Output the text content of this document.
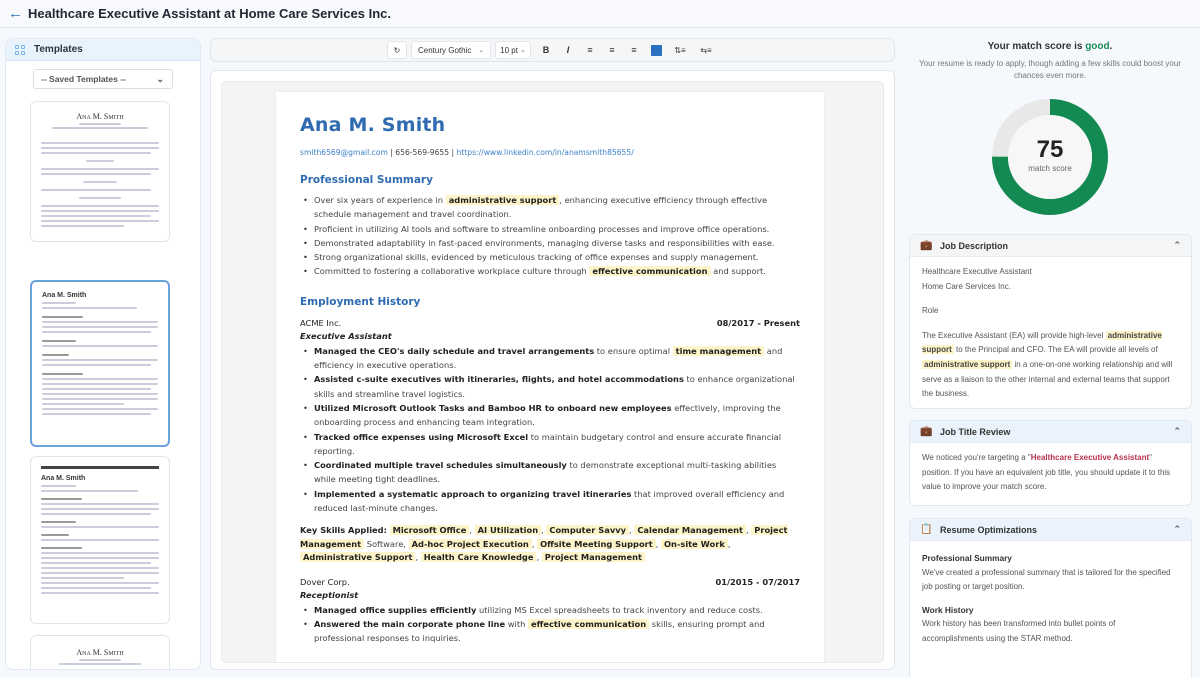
← Healthcare Executive Assistant at Home Care Services Inc.
Templates
-- Saved Templates --	⌄
Ana M. Smith

Ana M. Smith
Ana M. Smith
Ana M. Smith
↻ Century Gothic ⌄ 10 pt ⌄	B	I	≡	≡	≡	⇅≡	⇆≡
Ana M. Smith
smith6569@gmail.com | 656-569-9655 | https://www.linkedin.com/in/anamsmith85655/
Professional Summary
• Over six years of experience in administrative support , enhancing executive efficiency through effective schedule management and travel coordination.
• Proficient in utilizing AI tools and software to streamline onboarding processes and improve office operations.
• Demonstrated adaptability in fast-paced environments, managing diverse tasks and responsibilities with ease.
• Strong organizational skills, evidenced by meticulous tracking of office expenses and supply management.
• Committed to fostering a collaborative workplace culture through effective communication and support.
Employment History
ACME Inc.	08/2017 - Present
Executive Assistant
• Managed the CEO's daily schedule and travel arrangements to ensure optimal time management and efficiency in executive operations.
• Assisted c-suite executives with itineraries, flights, and hotel accommodations to enhance organizational skills and streamline travel logistics.
• Utilized Microsoft Outlook Tasks and Bamboo HR to onboard new employees effectively, improving the onboarding process and enhancing team integration.
• Tracked office expenses using Microsoft Excel to maintain budgetary control and ensure accurate financial reporting.
• Coordinated multiple travel schedules simultaneously to demonstrate exceptional multi-tasking abilities while meeting tight deadlines.
• Implemented a systematic approach to organizing travel itineraries that improved overall efficiency and reduced last-minute changes.
Key Skills Applied: Microsoft Office , AI Utilization , Computer Savvy , Calendar Management , Project Management Software, Ad-hoc Project Execution , Offsite Meeting Support , On-site Work , Administrative Support , Health Care Knowledge , Project Management
Dover Corp.	01/2015 - 07/2017
Receptionist
• Managed office supplies efficiently utilizing MS Excel spreadsheets to track inventory and reduce costs.
• Answered the main corporate phone line with effective communication skills, ensuring prompt and professional responses to inquiries.
Your match score is good.
Your resume is ready to apply, though adding a few skills could boost your chances even more.
75
match score
💼 Job Description	⌃
Healthcare Executive Assistant
Home Care Services Inc.
Role
The Executive Assistant (EA) will provide high-level administrative support to the Principal and CFO. The EA will provide all levels of administrative support in a one-on-one working relationship and will serve as a liaison to the other internal and external teams that support the business.
💼 Job Title Review	⌃
We noticed you're targeting a "Healthcare Executive Assistant" position. If you have an equivalent job title, you should update it to this value to improve your match score.
📋 Resume Optimizations	⌃
Professional Summary
We've created a professional summary that is tailored for the specified job posting or target position.
Work History
Work history has been transformed into bullet points of accomplishments using the STAR method.
